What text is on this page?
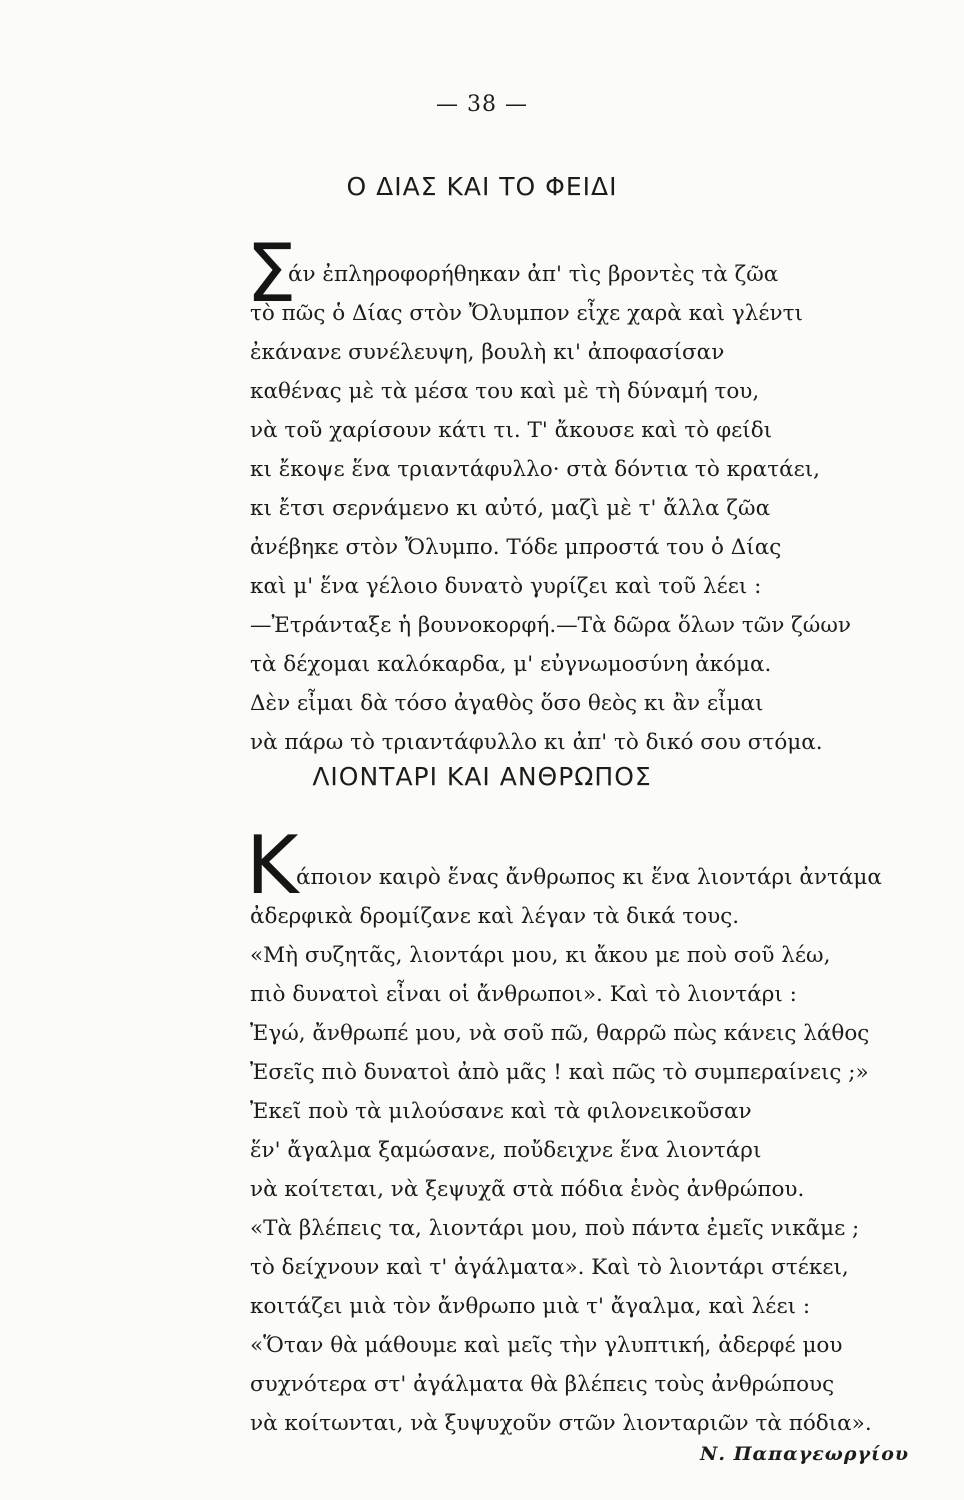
— 38 —
Ο ΔΙΑΣ ΚΑΙ ΤΟ ΦΕΙΔΙ
Σ
άν ἐπληροφορήθηκαν ἀπ' τὶς βροντὲς τὰ ζῶα
τὸ πῶς ὁ Δίας στὸν Ὄλυμπον εἶχε χαρὰ καὶ γλέντι
ἐκάνανε συνέλευψη, βουλὴ κι' ἀποφασίσαν
καθένας μὲ τὰ μέσα του καὶ μὲ τὴ δύναμή του,
νὰ τοῦ χαρίσουν κάτι τι. Τ' ἄκουσε καὶ τὸ φείδι
κι ἔκοψε ἕνα τριαντάφυλλο· στὰ δόντια τὸ κρατάει,
κι ἔτσι σερνάμενο κι αὐτό, μαζὶ μὲ τ' ἄλλα ζῶα
ἀνέβηκε στὸν Ὄλυμπο. Τόδε μπροστά του ὁ Δίας
καὶ μ' ἕνα γέλοιο δυνατὸ γυρίζει καὶ τοῦ λέει :
—Ἐτράνταξε ἡ βουνοκορφή.—Τὰ δῶρα ὅλων τῶν ζώων
τὰ δέχομαι καλόκαρδα, μ' εὐγνωμοσύνη ἀκόμα.
Δὲν εἶμαι δὰ τόσο ἀγαθὸς ὅσο θεὸς κι ἂν εἶμαι
νὰ πάρω τὸ τριαντάφυλλο κι ἀπ' τὸ δικό σου στόμα.
ΛΙΟΝΤΑΡΙ ΚΑΙ ΑΝΘΡΩΠΟΣ
Κ
άποιον καιρὸ ἕνας ἄνθρωπος κι ἕνα λιοντάρι ἀντάμα
ἀδερφικὰ δρομίζανε καὶ λέγαν τὰ δικά τους.
«Μὴ συζητᾶς, λιοντάρι μου, κι ἄκου με ποὺ σοῦ λέω,
πιὸ δυνατοὶ εἶναι οἱ ἄνθρωποι». Καὶ τὸ λιοντάρι :
Ἐγώ, ἄνθρωπέ μου, νὰ σοῦ πῶ, θαρρῶ πὼς κάνεις λάθος
Ἐσεῖς πιὸ δυνατοὶ ἀπὸ μᾶς ! καὶ πῶς τὸ συμπεραίνεις ;»
Ἐκεῖ ποὺ τὰ μιλούσανε καὶ τὰ φιλονεικοῦσαν
ἕν' ἄγαλμα ξαμώσανε, ποὔδειχνε ἕνα λιοντάρι
νὰ κοίτεται, νὰ ξεψυχᾶ στὰ πόδια ἑνὸς ἀνθρώπου.
«Τὰ βλέπεις τα, λιοντάρι μου, ποὺ πάντα ἐμεῖς νικᾶμε ;
τὸ δείχνουν καὶ τ' ἀγάλματα». Καὶ τὸ λιοντάρι στέκει,
κοιτάζει μιὰ τὸν ἄνθρωπο μιὰ τ' ἄγαλμα, καὶ λέει :
«Ὅταν θὰ μάθουμε καὶ μεῖς τὴν γλυπτική, ἀδερφέ μου
συχνότερα στ' ἀγάλματα θὰ βλέπεις τοὺς ἀνθρώπους
νὰ κοίτωνται, νὰ ξυψυχοῦν στῶν λιονταριῶν τὰ πόδια».
Ν. Παπαγεωργίου
